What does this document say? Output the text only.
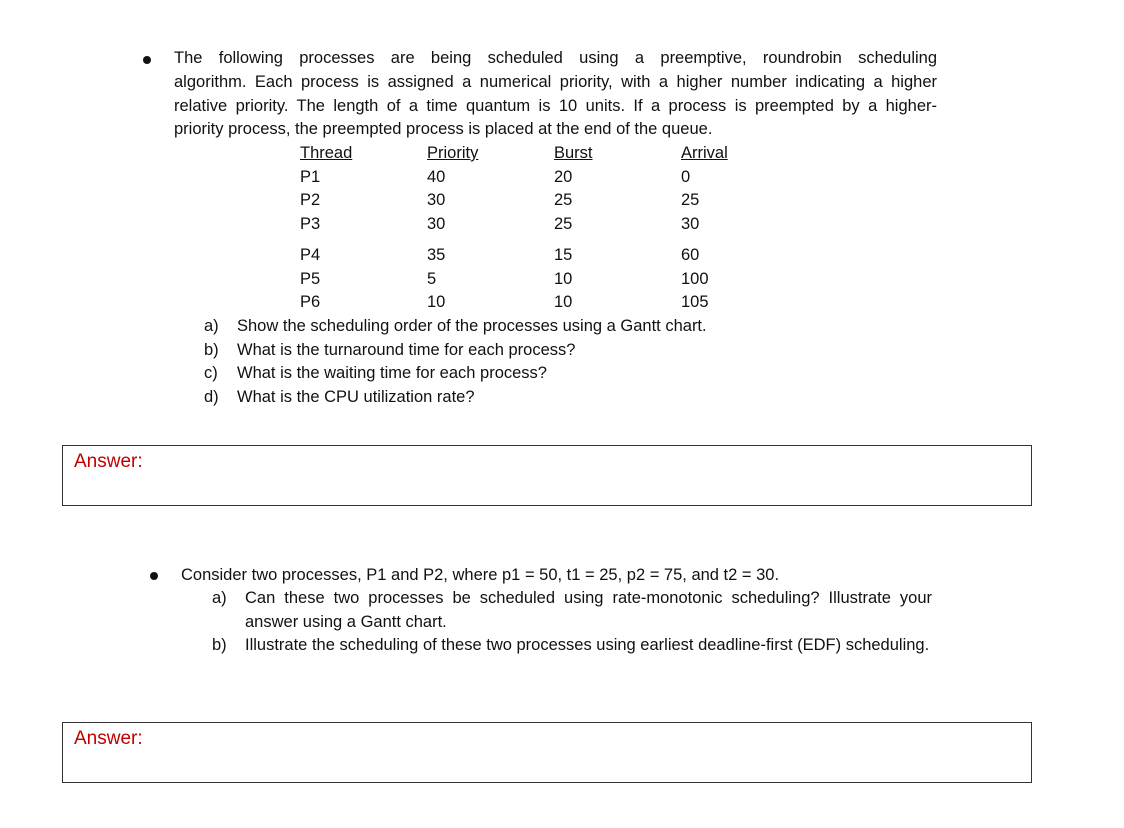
The following processes are being scheduled using a preemptive, roundrobin scheduling
algorithm. Each process is assigned a numerical priority, with a higher number indicating a higher
relative priority. The length of a time quantum is 10 units. If a process is preempted by a higher-
priority process, the preempted process is placed at the end of the queue.
Thread	Priority	Burst	Arrival
P1	40	20	0
P2	30	25	25
P3	30	25	30
P4	35	15	60
P5	5	10	100
P6	10	10	105
a) Show the scheduling order of the processes using a Gantt chart.
b) What is the turnaround time for each process?
c) What is the waiting time for each process?
d) What is the CPU utilization rate?
Answer:

Consider two processes, P1 and P2, where p1 = 50, t1 = 25, p2 = 75, and t2 = 30.

a) Can these two processes be scheduled using rate-monotonic scheduling? Illustrate your answer using a Gantt chart.
b) Illustrate the scheduling of these two processes using earliest deadline-first (EDF) scheduling.
Answer:
